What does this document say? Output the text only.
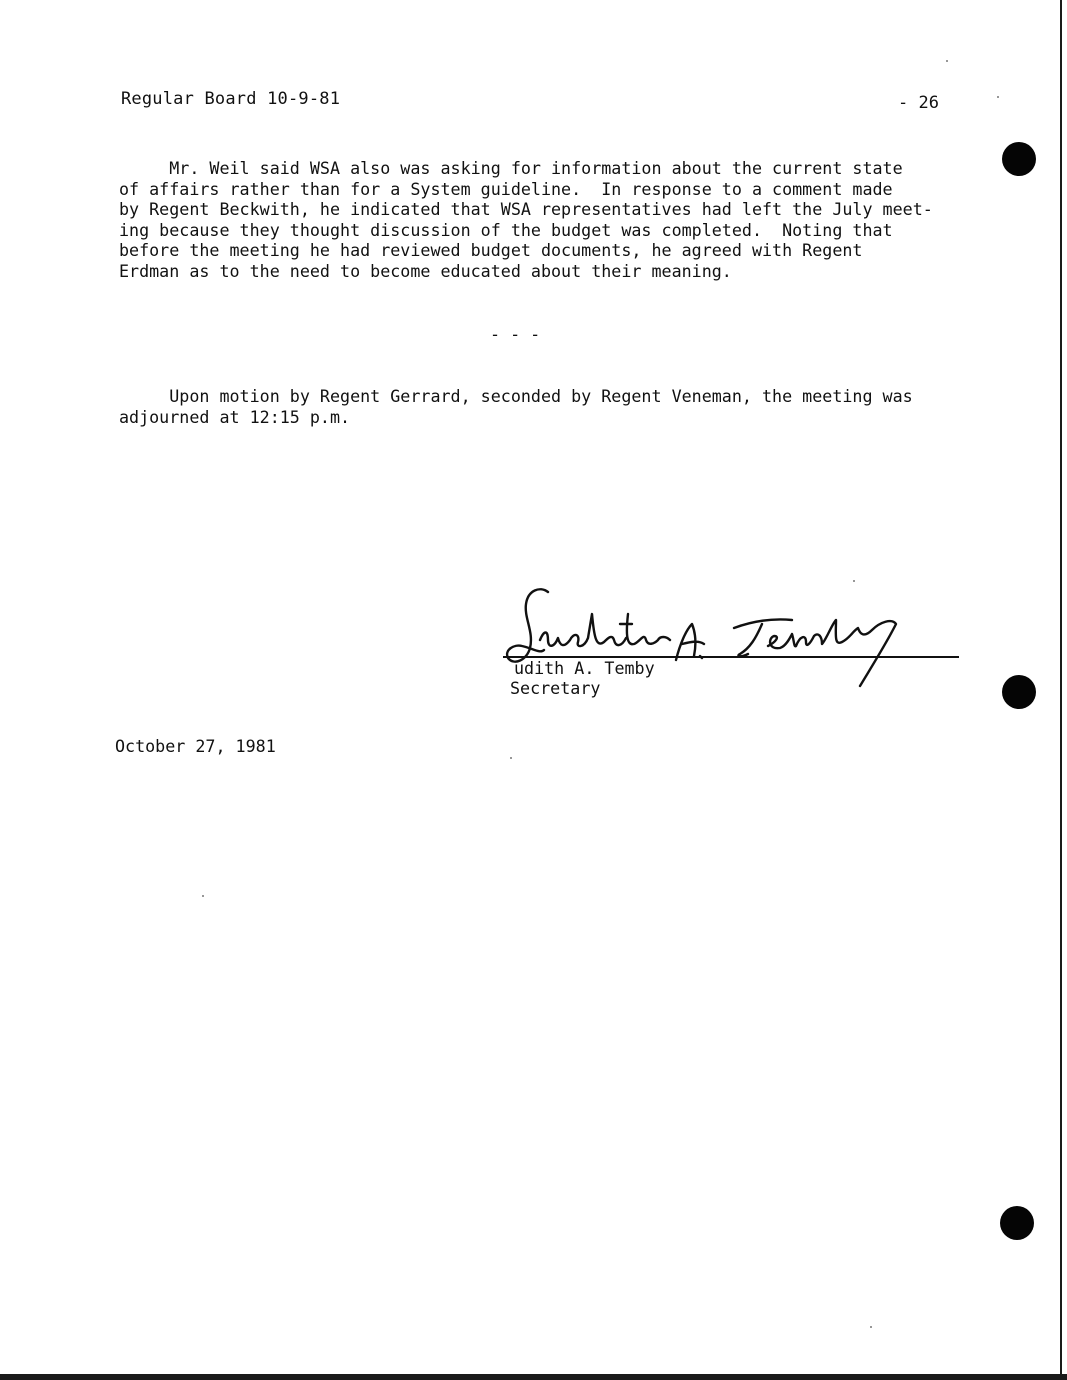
Regular Board 10-9-81	- 26
Mr. Weil said WSA also was asking for information about the current state
of affairs rather than for a System guideline.  In response to a comment made
by Regent Beckwith, he indicated that WSA representatives had left the July meet-
ing because they thought discussion of the budget was completed.  Noting that
before the meeting he had reviewed budget documents, he agreed with Regent
Erdman as to the need to become educated about their meaning.
- - -
Upon motion by Regent Gerrard, seconded by Regent Veneman, the meeting was
adjourned at 12:15 p.m.
udith A. Temby
Secretary
October 27, 1981
